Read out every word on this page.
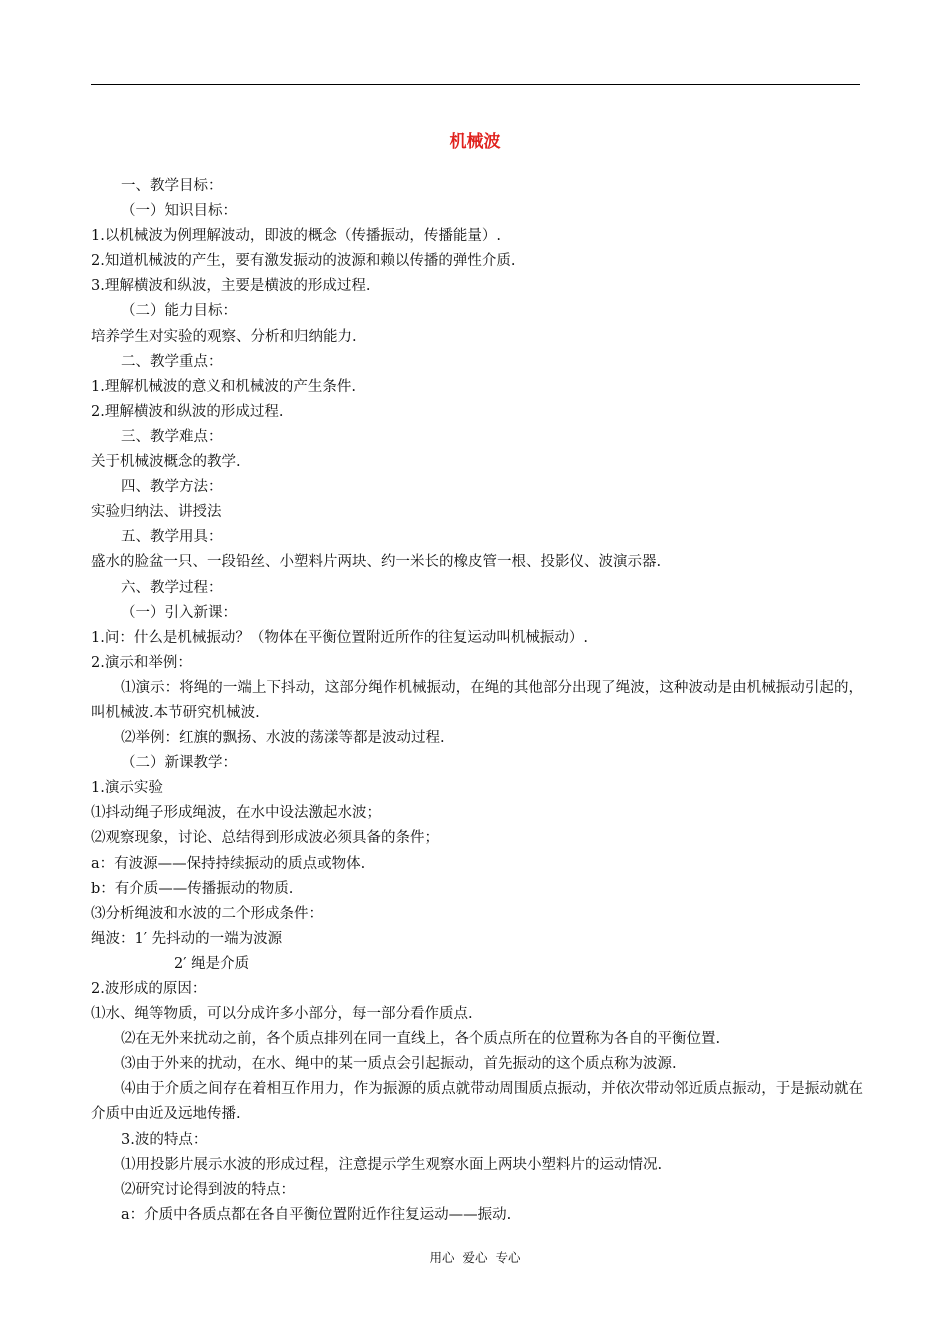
机械波
一、教学目标：
（一）知识目标：
1.以机械波为例理解波动，即波的概念（传播振动，传播能量）.
2.知道机械波的产生，要有激发振动的波源和赖以传播的弹性介质.
3.理解横波和纵波，主要是横波的形成过程.
（二）能力目标：
培养学生对实验的观察、分析和归纳能力.
二、教学重点：
1.理解机械波的意义和机械波的产生条件.
2.理解横波和纵波的形成过程.
三、教学难点：
关于机械波概念的教学.
四、教学方法：
实验归纳法、讲授法
五、教学用具：
盛水的脸盆一只、一段铅丝、小塑料片两块、约一米长的橡皮管一根、投影仪、波演示器.
六、教学过程：
（一）引入新课：
1.问：什么是机械振动？（物体在平衡位置附近所作的往复运动叫机械振动）.
2.演示和举例：
⑴演示：将绳的一端上下抖动，这部分绳作机械振动，在绳的其他部分出现了绳波，这种波动是由机械振动引起的，叫机械波.本节研究机械波.
⑵举例：红旗的飘扬、水波的荡漾等都是波动过程.
（二）新课教学：
1.演示实验
⑴抖动绳子形成绳波，在水中设法激起水波；
⑵观察现象，讨论、总结得到形成波必须具备的条件；
a：有波源——保持持续振动的质点或物体.
b：有介质——传播振动的物质.
⑶分析绳波和水波的二个形成条件：
绳波：1′ 先抖动的一端为波源
2′ 绳是介质
2.波形成的原因：
⑴水、绳等物质，可以分成许多小部分，每一部分看作质点.
⑵在无外来扰动之前，各个质点排列在同一直线上，各个质点所在的位置称为各自的平衡位置.
⑶由于外来的扰动，在水、绳中的某一质点会引起振动，首先振动的这个质点称为波源.
⑷由于介质之间存在着相互作用力，作为振源的质点就带动周围质点振动，并依次带动邻近质点振动，于是振动就在介质中由近及远地传播.
3.波的特点：
⑴用投影片展示水波的形成过程，注意提示学生观察水面上两块小塑料片的运动情况.
⑵研究讨论得到波的特点：
a：介质中各质点都在各自平衡位置附近作往复运动——振动.
用心 爱心 专心
